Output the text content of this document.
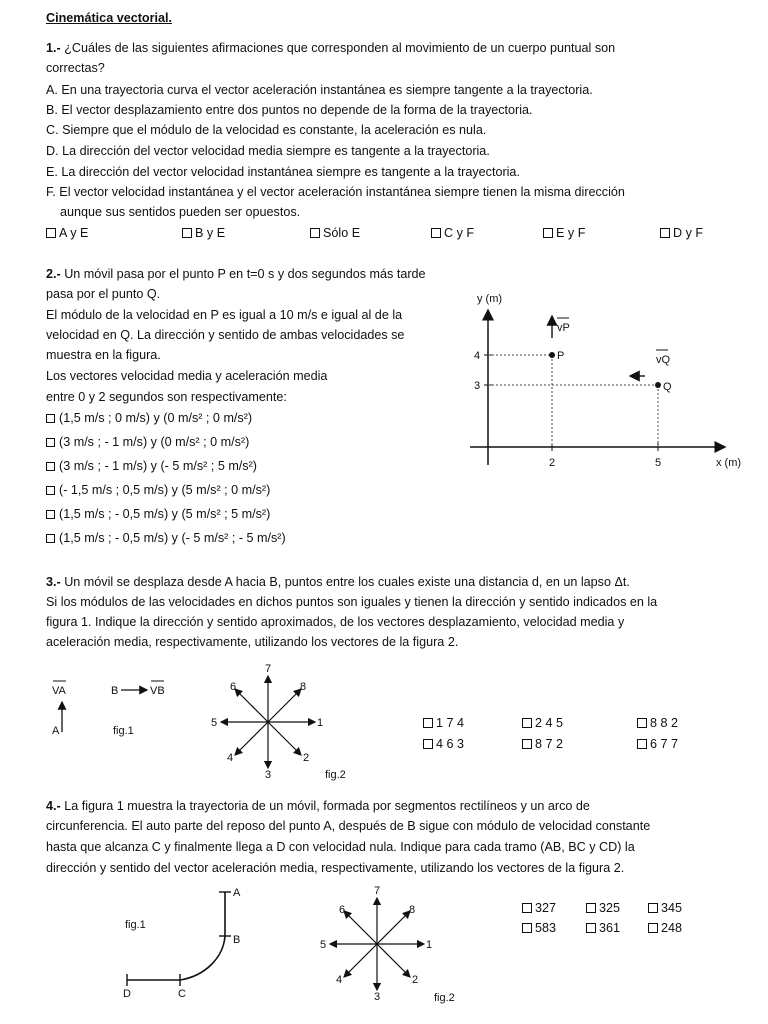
Cinemática vectorial.
1.- ¿Cuáles de las siguientes afirmaciones que corresponden al movimiento de un cuerpo puntual son
correctas?
A. En una trayectoria curva el vector aceleración instantánea es siempre tangente a la trayectoria.
B. El vector desplazamiento entre dos puntos no depende de la forma de la trayectoria.
C. Siempre que el módulo de la velocidad es constante, la aceleración es nula.
D. La dirección del vector velocidad media siempre es tangente a la trayectoria.
E. La dirección del vector velocidad instantánea siempre es tangente a la trayectoria.
F. El vector velocidad instantánea y el vector aceleración instantánea siempre tienen la misma dirección
aunque sus sentidos pueden ser opuestos.
A y E	B y E	Sólo E	C y F	E y F	D y F
2.- Un móvil pasa por el punto P en t=0 s y dos segundos más tarde
pasa por el punto Q.
El módulo de la velocidad en P es igual a 10 m/s e igual al de la
velocidad en Q. La dirección y sentido de ambas velocidades se
muestra en la figura.
Los vectores velocidad media y aceleración media
entre 0 y 2 segundos son respectivamente:
(1,5 m/s ; 0 m/s) y (0 m/s² ; 0 m/s²)
(3 m/s ; - 1 m/s) y (0 m/s² ; 0 m/s²)
(3 m/s ; - 1 m/s) y (- 5 m/s² ; 5 m/s²)
(- 1,5 m/s ; 0,5 m/s) y (5 m/s² ; 0 m/s²)
(1,5 m/s ; - 0,5 m/s) y (5 m/s² ; 5 m/s²)
(1,5 m/s ; - 0,5 m/s) y (- 5 m/s² ; - 5 m/s²)
y (m)
x (m)
4
3
2	5
P
Q
vP
vQ
3.- Un móvil se desplaza desde A hacia B, puntos entre los cuales existe una distancia d, en un lapso Δt.
Si los módulos de las velocidades en dichos puntos son iguales y tienen la dirección y sentido indicados en la
figura 1. Indique la dirección y sentido aproximados, de los vectores desplazamiento, velocidad media y
aceleración media, respectivamente, utilizando los vectores de la figura 2.
VA
A
B	VB
fig.1
1
2
3
4
5
6
7
8
fig.2
1 7 4	2 4 5	8 8 2
4 6 3	8 7 2	6 7 7
4.- La figura 1 muestra la trayectoria de un móvil, formada por segmentos rectilíneos y un arco de
circunferencia. El auto parte del reposo del punto A, después de B sigue con módulo de velocidad constante
hasta que alcanza C y finalmente llega a D con velocidad nula. Indique para cada tramo (AB, BC y CD) la
dirección y sentido del vector aceleración media, respectivamente, utilizando los vectores de la figura 2.
fig.1
A
B
C
D
1
2
3
4
5
6
7
8
fig.2
327	325	345
583	361	248
